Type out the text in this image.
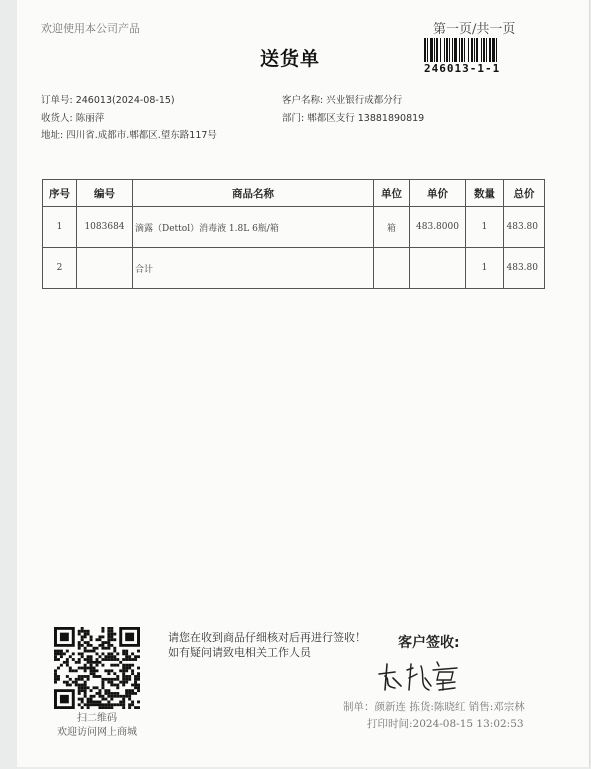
欢迎使用本公司产品
送货单
第一页/共一页
246013-1-1
订单号: 246013(2024-08-15)
收货人: 陈丽萍
地址: 四川省.成都市.郫都区.望东路117号
客户名称: 兴业银行成都分行
部门: 郫都区支行 13881890819
序号	编号	商品名称	单位	单价	数量	总价
1	1083684	滴露（Dettol）消毒液 1.8L 6瓶/箱	箱	483.8000	1	483.80
2		合计			1	483.80
扫二维码
欢迎访问网上商城
请您在收到商品仔细核对后再进行签收！如有疑问请致电相关工作人员
客户签收:
制单：颜新连 拣货:陈晓红 销售:邓宗林
打印时间:2024-08-15 13:02:53
